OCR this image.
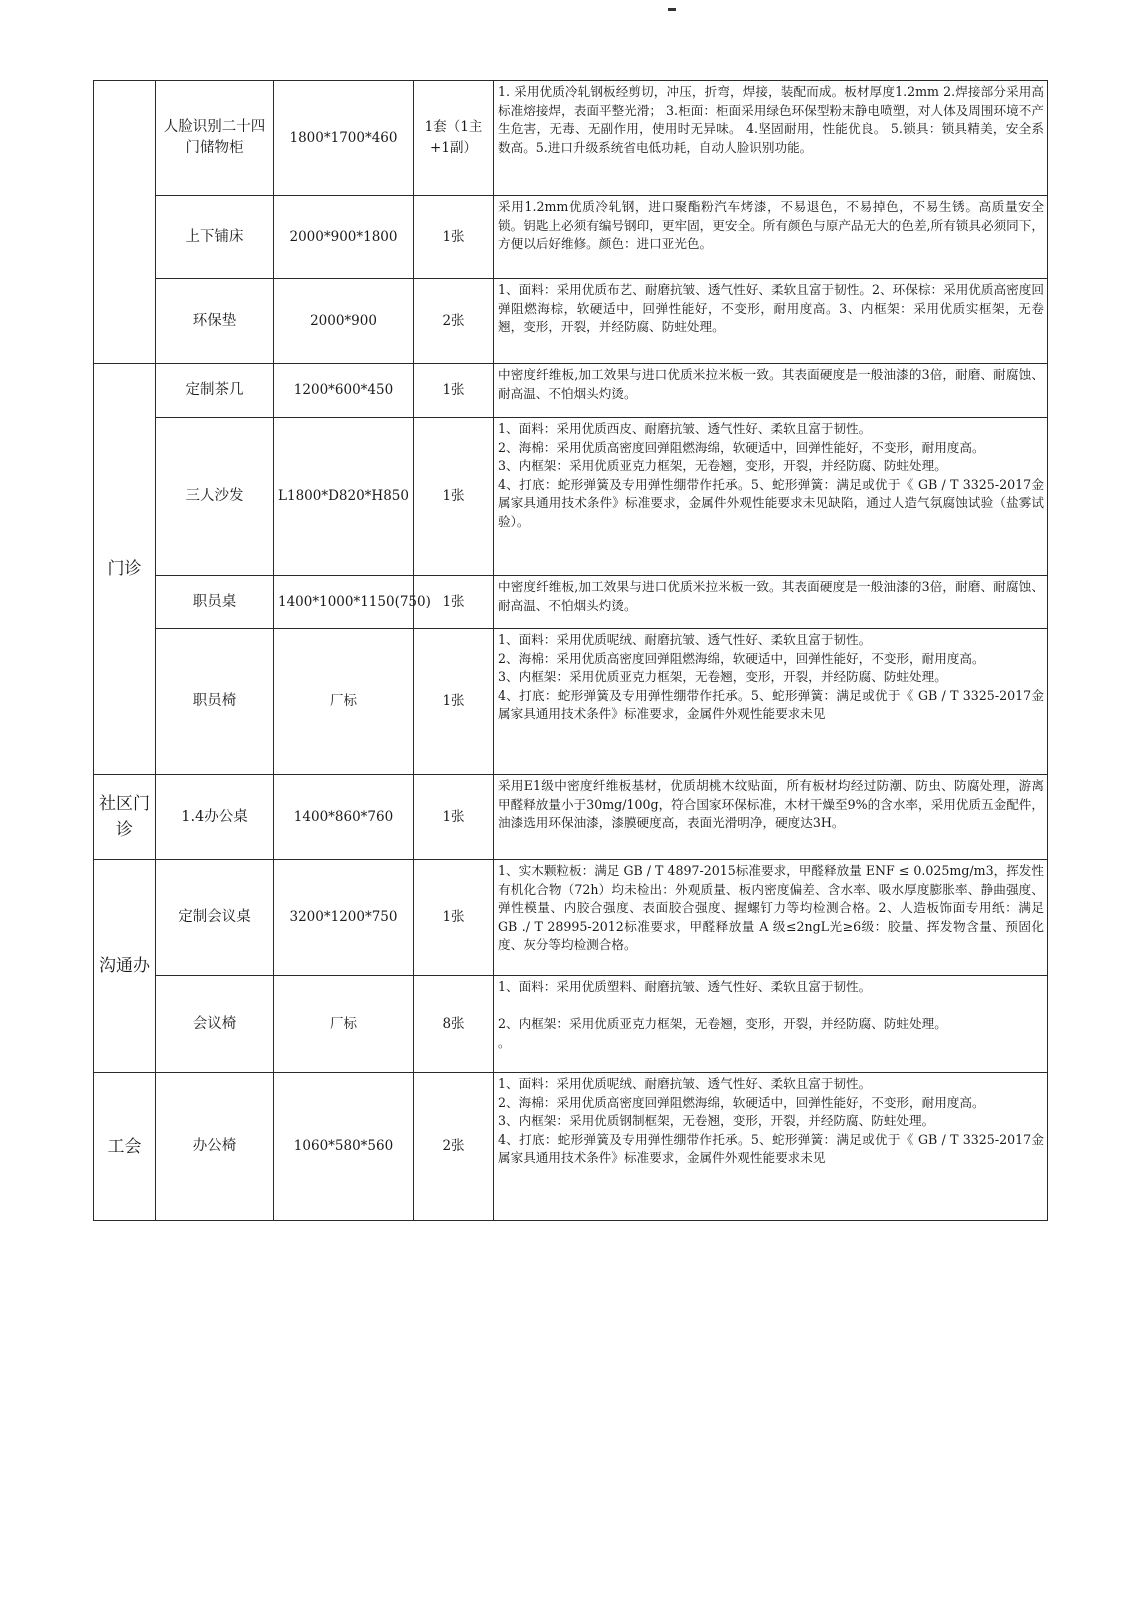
	人脸识别二十四门储物柜	1800*1700*460	1套（1主+1副）	1. 采用优质冷轧钢板经剪切，冲压，折弯，焊接，装配而成。板材厚度1.2mm 2.焊接部分采用高标准熔接焊，表面平整光滑； 3.柜面：柜面采用绿色环保型粉末静电喷塑，对人体及周围环境不产生危害，无毒、无副作用，使用时无异味。 4.坚固耐用，性能优良。 5.锁具：锁具精美，安全系数高。5.进口升级系统省电低功耗，自动人脸识别功能。

	上下铺床	2000*900*1800	1张	采用1.2mm优质冷轧钢，进口聚酯粉汽车烤漆，不易退色，不易掉色，不易生锈。高质量安全锁。钥匙上必须有编号钢印，更牢固，更安全。所有颜色与原产品无大的色差,所有锁具必须同下，方便以后好维修。颜色：进口亚光色。

	环保垫	2000*900	2张	1、面料：采用优质布艺、耐磨抗皱、透气性好、柔软且富于韧性。2、环保棕：采用优质高密度回弹阻燃海棕，软硬适中，回弹性能好，不变形，耐用度高。3、内框架：采用优质实框架，无卷翘，变形，开裂，并经防腐、防蛀处理。

门诊	定制茶几	1200*600*450	1张	中密度纤维板,加工效果与进口优质米拉米板一致。其表面硬度是一般油漆的3倍，耐磨、耐腐蚀、耐高温、不怕烟头灼烫。

	三人沙发	L1800*D820*H850	1张	1、面料：采用优质西皮、耐磨抗皱、透气性好、柔软且富于韧性。
2、海棉：采用优质高密度回弹阻燃海绵，软硬适中，回弹性能好，不变形，耐用度高。
3、内框架：采用优质亚克力框架，无卷翘，变形，开裂，并经防腐、防蛀处理。
4、打底：蛇形弹簧及专用弹性绷带作托承。5、蛇形弹簧：满足或优于《 GB / T 3325-2017金属家具通用技术条件》标准要求，金属件外观性能要求未见缺陷，通过人造气氛腐蚀试验（盐雾试验）。

	职员桌	1400*1000*1150(750)	1张	中密度纤维板,加工效果与进口优质米拉米板一致。其表面硬度是一般油漆的3倍，耐磨、耐腐蚀、耐高温、不怕烟头灼烫。

	职员椅	厂标	1张	1、面料：采用优质呢绒、耐磨抗皱、透气性好、柔软且富于韧性。
2、海棉：采用优质高密度回弹阻燃海绵，软硬适中，回弹性能好，不变形，耐用度高。
3、内框架：采用优质亚克力框架，无卷翘，变形，开裂，并经防腐、防蛀处理。
4、打底：蛇形弹簧及专用弹性绷带作托承。5、蛇形弹簧：满足或优于《 GB / T 3325-2017金属家具通用技术条件》标准要求，金属件外观性能要求未见

社区门诊	1.4办公桌	1400*860*760	1张	采用E1级中密度纤维板基材，优质胡桃木纹贴面，所有板材均经过防潮、防虫、防腐处理，游离甲醛释放量小于30mg/100g，符合国家环保标准，木材干燥至9%的含水率，采用优质五金配件，油漆选用环保油漆，漆膜硬度高，表面光滑明净，硬度达3H。

沟通办	定制会议桌	3200*1200*750	1张	1、实木颗粒板：满足 GB / T 4897-2015标准要求，甲醛释放量 ENF ≤ 0.025mg/m3，挥发性有机化合物（72h）均未检出：外观质量、板内密度偏差、含水率、吸水厚度膨胀率、静曲强度、弹性模量、内胶合强度、表面胶合强度、握螺钉力等均检测合格。2、人造板饰面专用纸：满足 GB ./ T 28995-2012标准要求，甲醛释放量 A 级≤2ngL光≥6级：胶量、挥发物含量、预固化度、灰分等均检测合格。

	会议椅	厂标	8张	1、面料：采用优质塑料、耐磨抗皱、透气性好、柔软且富于韧性。

2、内框架：采用优质亚克力框架，无卷翘，变形，开裂，并经防腐、防蛀处理。
。

工会	办公椅	1060*580*560	2张	1、面料：采用优质呢绒、耐磨抗皱、透气性好、柔软且富于韧性。
2、海棉：采用优质高密度回弹阻燃海绵，软硬适中，回弹性能好，不变形，耐用度高。
3、内框架：采用优质钢制框架，无卷翘，变形，开裂，并经防腐、防蛀处理。
4、打底：蛇形弹簧及专用弹性绷带作托承。5、蛇形弹簧：满足或优于《 GB / T 3325-2017金属家具通用技术条件》标准要求，金属件外观性能要求未见
